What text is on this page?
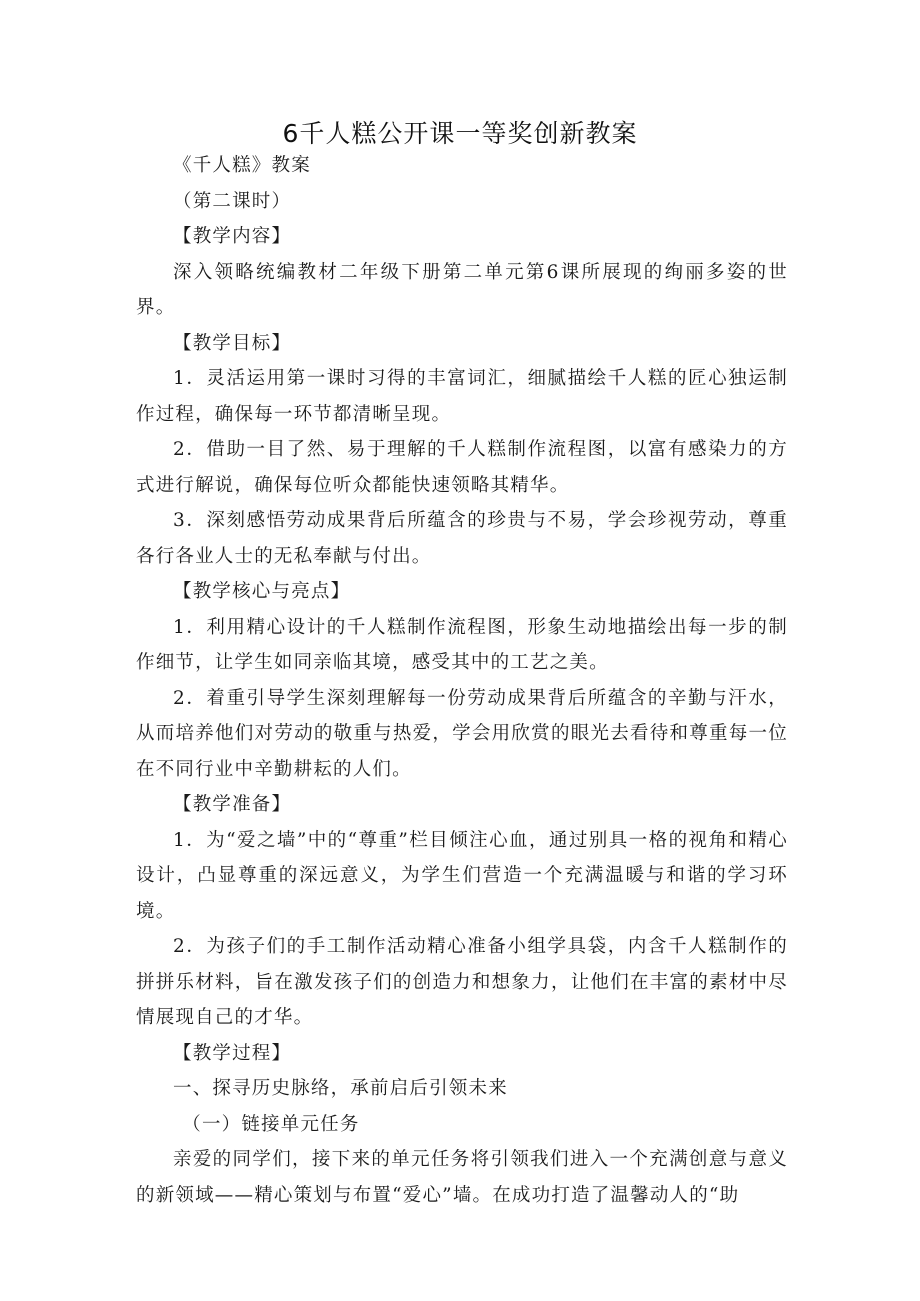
6千人糕公开课一等奖创新教案

《千人糕》教案

（第二课时）

【教学内容】

深入领略统编教材二年级下册第二单元第6课所展现的绚丽多姿的世界。

【教学目标】

1．灵活运用第一课时习得的丰富词汇，细腻描绘千人糕的匠心独运制作过程，确保每一环节都清晰呈现。

2．借助一目了然、易于理解的千人糕制作流程图，以富有感染力的方式进行解说，确保每位听众都能快速领略其精华。

3．深刻感悟劳动成果背后所蕴含的珍贵与不易，学会珍视劳动，尊重各行各业人士的无私奉献与付出。

【教学核心与亮点】

1．利用精心设计的千人糕制作流程图，形象生动地描绘出每一步的制作细节，让学生如同亲临其境，感受其中的工艺之美。

2．着重引导学生深刻理解每一份劳动成果背后所蕴含的辛勤与汗水，从而培养他们对劳动的敬重与热爱，学会用欣赏的眼光去看待和尊重每一位在不同行业中辛勤耕耘的人们。

【教学准备】

1．为“爱之墙”中的“尊重”栏目倾注心血，通过别具一格的视角和精心设计，凸显尊重的深远意义，为学生们营造一个充满温暖与和谐的学习环境。

2．为孩子们的手工制作活动精心准备小组学具袋，内含千人糕制作的拼拼乐材料，旨在激发孩子们的创造力和想象力，让他们在丰富的素材中尽情展现自己的才华。

【教学过程】

一、探寻历史脉络，承前启后引领未来

（一）链接单元任务

亲爱的同学们，接下来的单元任务将引领我们进入一个充满创意与意义的新领域——精心策划与布置“爱心”墙。在成功打造了温馨动人的“助
